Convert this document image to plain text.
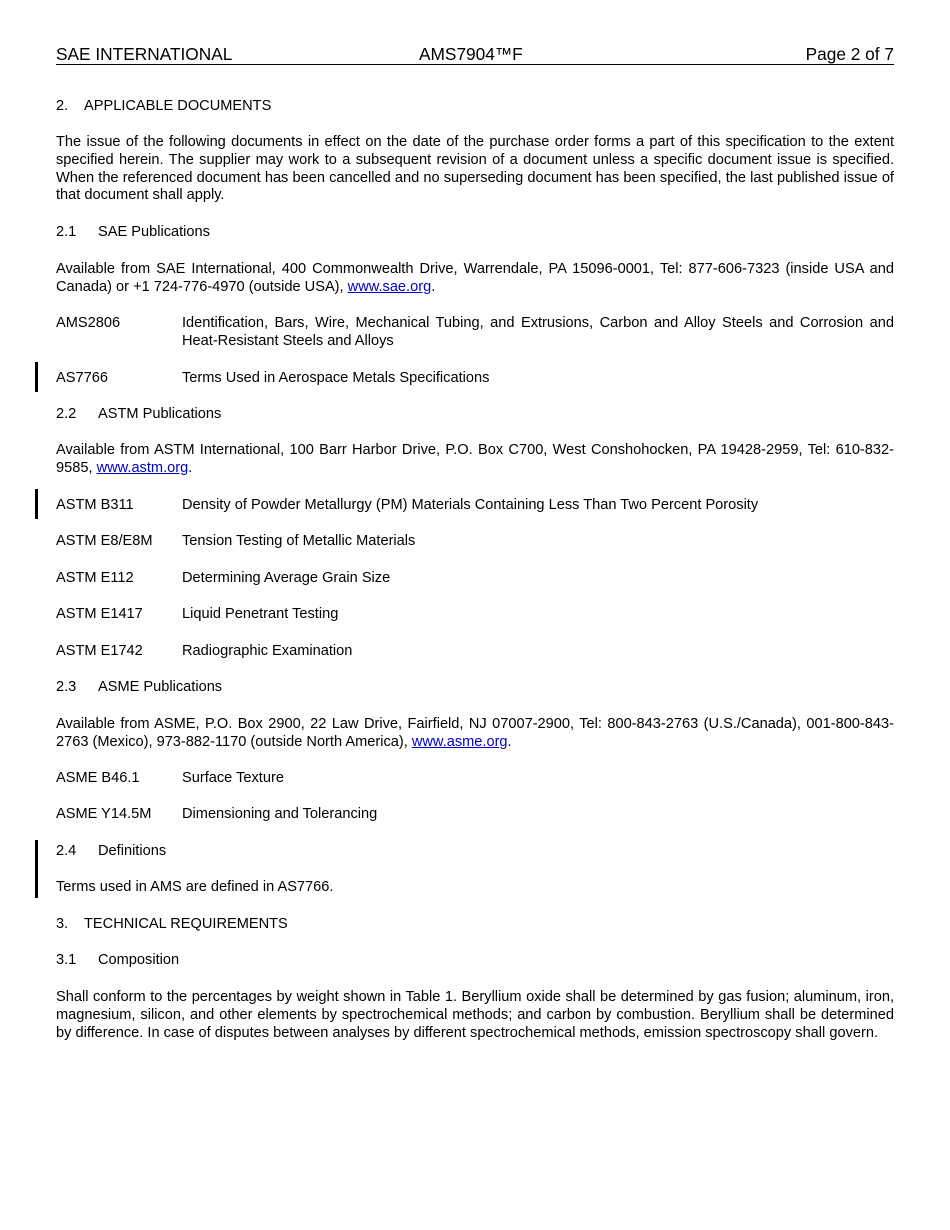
SAE INTERNATIONAL	AMS7904™F	Page 2 of 7
2. APPLICABLE DOCUMENTS
The issue of the following documents in effect on the date of the purchase order forms a part of this specification to the extent specified herein. The supplier may work to a subsequent revision of a document unless a specific document issue is specified. When the referenced document has been cancelled and no superseding document has been specified, the last published issue of that document shall apply.
2.1 SAE Publications
Available from SAE International, 400 Commonwealth Drive, Warrendale, PA 15096-0001, Tel: 877-606-7323 (inside USA and Canada) or +1 724-776-4970 (outside USA), www.sae.org.
AMS2806	Identification, Bars, Wire, Mechanical Tubing, and Extrusions, Carbon and Alloy Steels and Corrosion and Heat-Resistant Steels and Alloys
AS7766	Terms Used in Aerospace Metals Specifications
2.2 ASTM Publications
Available from ASTM International, 100 Barr Harbor Drive, P.O. Box C700, West Conshohocken, PA 19428-2959, Tel: 610-832-9585, www.astm.org.
ASTM B311	Density of Powder Metallurgy (PM) Materials Containing Less Than Two Percent Porosity
ASTM E8/E8M Tension Testing of Metallic Materials
ASTM E112	Determining Average Grain Size
ASTM E1417	Liquid Penetrant Testing
ASTM E1742	Radiographic Examination
2.3 ASME Publications
Available from ASME, P.O. Box 2900, 22 Law Drive, Fairfield, NJ 07007-2900, Tel: 800-843-2763 (U.S./Canada), 001-800-843-2763 (Mexico), 973-882-1170 (outside North America), www.asme.org.
ASME B46.1	Surface Texture
ASME Y14.5M Dimensioning and Tolerancing
2.4 Definitions
Terms used in AMS are defined in AS7766.
3. TECHNICAL REQUIREMENTS
3.1 Composition
Shall conform to the percentages by weight shown in Table 1. Beryllium oxide shall be determined by gas fusion; aluminum, iron, magnesium, silicon, and other elements by spectrochemical methods; and carbon by combustion. Beryllium shall be determined by difference. In case of disputes between analyses by different spectrochemical methods, emission spectroscopy shall govern.
